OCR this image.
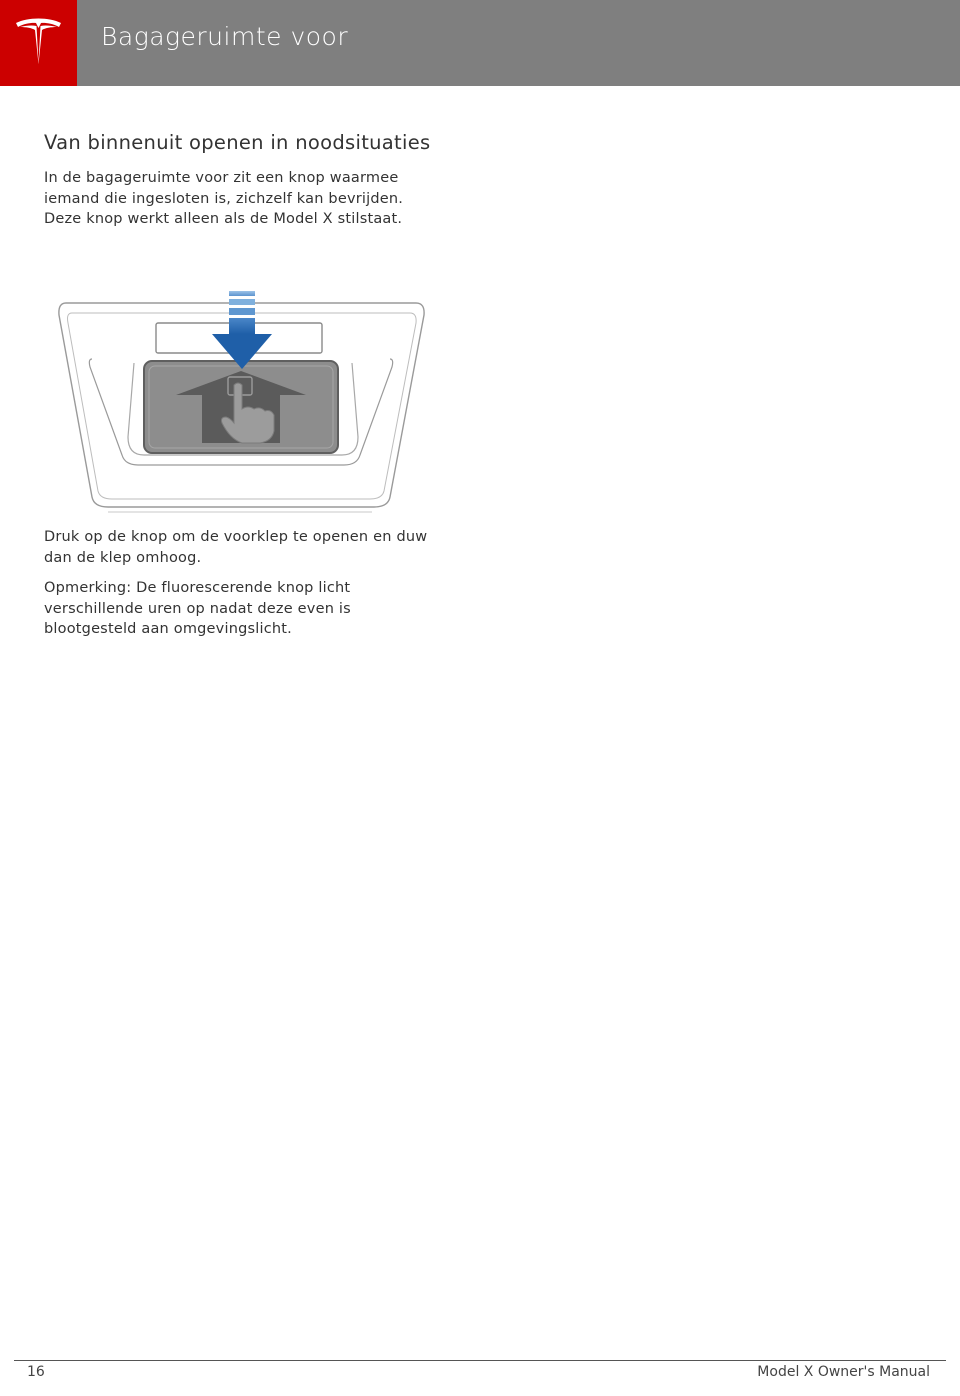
Bagageruimte voor
Van binnenuit openen in noodsituaties

In de bagageruimte voor zit een knop waarmee iemand die ingesloten is, zichzelf kan bevrijden. Deze knop werkt alleen als de Model X stilstaat.

Druk op de knop om de voorklep te openen en duw dan de klep omhoog.

Opmerking: De fluorescerende knop licht verschillende uren op nadat deze even is blootgesteld aan omgevingslicht.

16	Model X Owner's Manual
